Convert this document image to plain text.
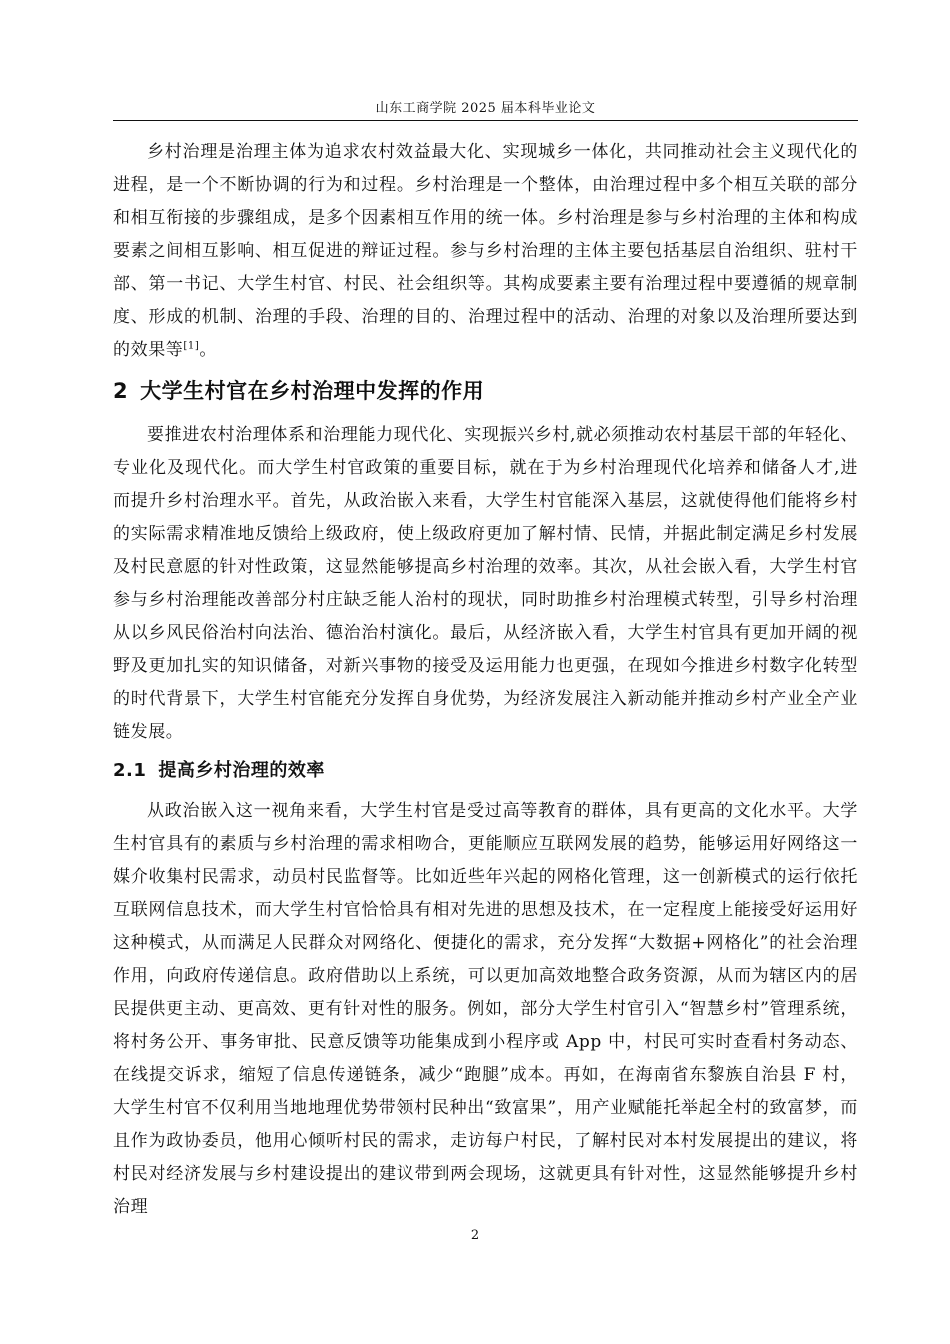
山东工商学院 2025 届本科毕业论文

乡村治理是治理主体为追求农村效益最大化、实现城乡一体化，共同推动社会主义现代化的进程，是一个不断协调的行为和过程。乡村治理是一个整体，由治理过程中多个相互关联的部分和相互衔接的步骤组成，是多个因素相互作用的统一体。乡村治理是参与乡村治理的主体和构成要素之间相互影响、相互促进的辩证过程。参与乡村治理的主体主要包括基层自治组织、驻村干部、第一书记、大学生村官、村民、社会组织等。其构成要素主要有治理过程中要遵循的规章制度、形成的机制、治理的手段、治理的目的、治理过程中的活动、治理的对象以及治理所要达到的效果等[1]。

2 大学生村官在乡村治理中发挥的作用

要推进农村治理体系和治理能力现代化、实现振兴乡村,就必须推动农村基层干部的年轻化、专业化及现代化。而大学生村官政策的重要目标，就在于为乡村治理现代化培养和储备人才,进而提升乡村治理水平。首先，从政治嵌入来看，大学生村官能深入基层，这就使得他们能将乡村的实际需求精准地反馈给上级政府，使上级政府更加了解村情、民情，并据此制定满足乡村发展及村民意愿的针对性政策，这显然能够提高乡村治理的效率。其次，从社会嵌入看，大学生村官参与乡村治理能改善部分村庄缺乏能人治村的现状，同时助推乡村治理模式转型，引导乡村治理从以乡风民俗治村向法治、德治治村演化。最后，从经济嵌入看，大学生村官具有更加开阔的视野及更加扎实的知识储备，对新兴事物的接受及运用能力也更强，在现如今推进乡村数字化转型的时代背景下，大学生村官能充分发挥自身优势，为经济发展注入新动能并推动乡村产业全产业链发展。

2.1 提高乡村治理的效率

从政治嵌入这一视角来看，大学生村官是受过高等教育的群体，具有更高的文化水平。大学生村官具有的素质与乡村治理的需求相吻合，更能顺应互联网发展的趋势，能够运用好网络这一媒介收集村民需求，动员村民监督等。比如近些年兴起的网格化管理，这一创新模式的运行依托互联网信息技术，而大学生村官恰恰具有相对先进的思想及技术，在一定程度上能接受好运用好这种模式，从而满足人民群众对网络化、便捷化的需求，充分发挥“大数据+网格化”的社会治理作用，向政府传递信息。政府借助以上系统，可以更加高效地整合政务资源，从而为辖区内的居民提供更主动、更高效、更有针对性的服务。例如，部分大学生村官引入“智慧乡村”管理系统，将村务公开、事务审批、民意反馈等功能集成到小程序或 App 中，村民可实时查看村务动态、在线提交诉求，缩短了信息传递链条，减少“跑腿”成本。再如，在海南省东黎族自治县 F 村，大学生村官不仅利用当地地理优势带领村民种出“致富果”，用产业赋能托举起全村的致富梦，而且作为政协委员，他用心倾听村民的需求，走访每户村民，了解村民对本村发展提出的建议，将村民对经济发展与乡村建设提出的建议带到两会现场，这就更具有针对性，这显然能够提升乡村治理

2
